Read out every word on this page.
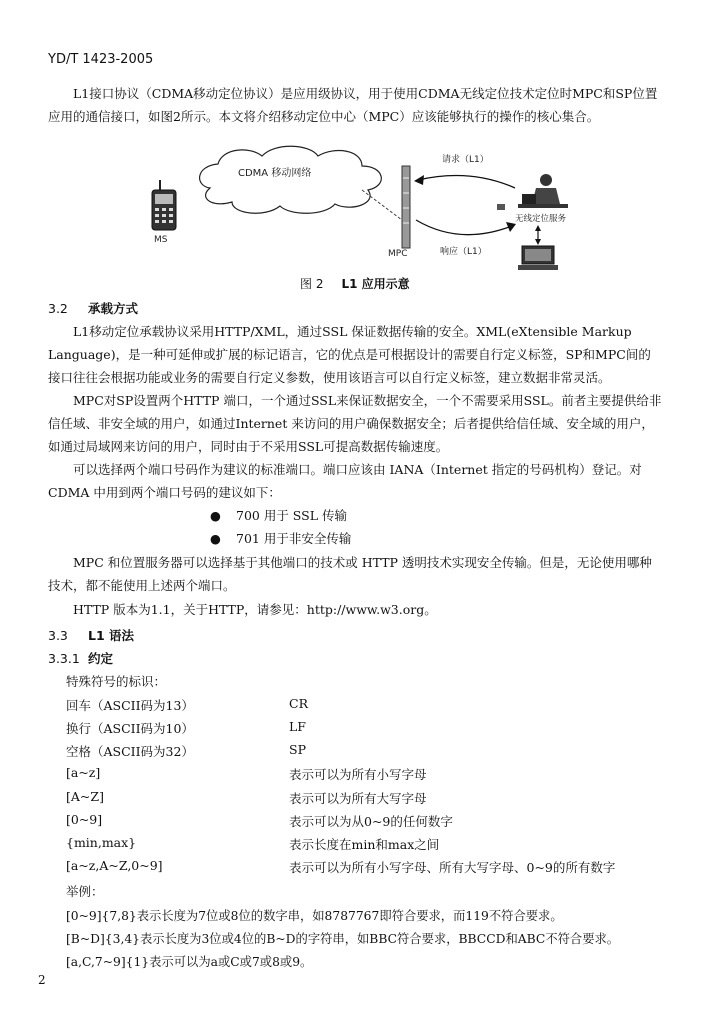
YD/T 1423-2005
L1接口协议（CDMA移动定位协议）是应用级协议，用于使用CDMA无线定位技术定位时MPC和SP位置应用的通信接口，如图2所示。本文将介绍移动定位中心（MPC）应该能够执行的操作的核心集合。
CDMA 移动网络
MS
MPC
请求（L1）
响应（L1）
无线定位服务
图 2 L1 应用示意
3.2 承载方式
L1移动定位承载协议采用HTTP/XML，通过SSL 保证数据传输的安全。XML(eXtensible Markup Language)，是一种可延伸或扩展的标记语言，它的优点是可根据设计的需要自行定义标签，SP和MPC间的接口往往会根据功能或业务的需要自行定义参数，使用该语言可以自行定义标签，建立数据非常灵活。
MPC对SP设置两个HTTP 端口，一个通过SSL来保证数据安全，一个不需要采用SSL。前者主要提供给非信任域、非安全域的用户，如通过Internet 来访问的用户确保数据安全；后者提供给信任域、安全域的用户，如通过局域网来访问的用户，同时由于不采用SSL可提高数据传输速度。
可以选择两个端口号码作为建议的标准端口。端口应该由 IANA（Internet 指定的号码机构）登记。对 CDMA 中用到两个端口号码的建议如下：
● 700 用于 SSL 传输
● 701 用于非安全传输
MPC 和位置服务器可以选择基于其他端口的技术或 HTTP 透明技术实现安全传输。但是，无论使用哪种技术，都不能使用上述两个端口。
HTTP 版本为1.1，关于HTTP，请参见：http://www.w3.org。
3.3 L1 语法
3.3.1 约定
特殊符号的标识：
回车（ASCII码为13）	CR
换行（ASCII码为10）	LF
空格（ASCII码为32）	SP
[a~z]	表示可以为所有小写字母
[A~Z]	表示可以为所有大写字母
[0~9]	表示可以为从0~9的任何数字
{min,max}	表示长度在min和max之间
[a~z,A~Z,0~9]	表示可以为所有小写字母、所有大写字母、0~9的所有数字
举例：
[0~9]{7,8}表示长度为7位或8位的数字串，如8787767即符合要求，而119不符合要求。
[B~D]{3,4}表示长度为3位或4位的B~D的字符串，如BBC符合要求，BBCCD和ABC不符合要求。
[a,C,7~9]{1}表示可以为a或C或7或8或9。
2
